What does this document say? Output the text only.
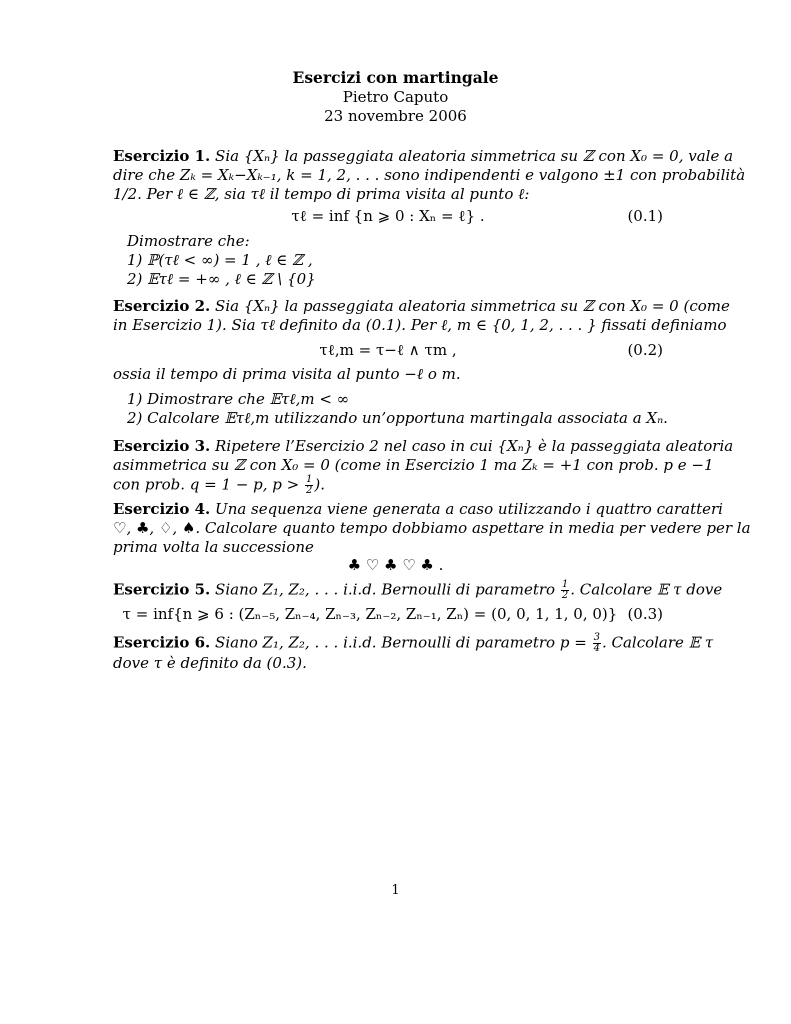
Esercizi con martingale
Pietro Caputo
23 novembre 2006
Esercizio 1.
Sia {Xₙ} la passeggiata aleatoria simmetrica su ℤ con X₀ = 0, vale a
dire che Zₖ = Xₖ−Xₖ₋₁, k = 1, 2, . . . sono indipendenti e valgono ±1 con probabilità
1/2. Per ℓ ∈ ℤ, sia τℓ il tempo di prima visita al punto ℓ:
τℓ = inf {n ⩾ 0 : Xₙ = ℓ} .	(0.1)
Dimostrare che:
1) ℙ(τℓ < ∞) = 1 , ℓ ∈ ℤ ,
2) 𝔼τℓ = +∞ , ℓ ∈ ℤ \ {0}
Esercizio 2.
Sia {Xₙ} la passeggiata aleatoria simmetrica su ℤ con X₀ = 0 (come
in Esercizio 1). Sia τℓ definito da (0.1). Per ℓ, m ∈ {0, 1, 2, . . . } fissati definiamo
τℓ,m = τ−ℓ ∧ τm ,	(0.2)
ossia il tempo di prima visita al punto −ℓ o m.
1) Dimostrare che 𝔼τℓ,m < ∞
2) Calcolare 𝔼τℓ,m utilizzando un’opportuna martingala associata a Xₙ.
Esercizio 3.
Ripetere l’Esercizio 2 nel caso in cui {Xₙ} è la passeggiata aleatoria
asimmetrica su ℤ con X₀ = 0 (come in Esercizio 1 ma Zₖ = +1 con prob. p e −1
con prob. q = 1 − p, $p > \frac{1}{2}$ ).
Esercizio 4.
Una sequenza viene generata a caso utilizzando i quattro caratteri
♡, ♣, ♢, ♠. Calcolare quanto tempo dobbiamo aspettare in media per vedere per la
prima volta la successione
♣ ♡ ♣ ♡ ♣ .
Esercizio 5. Siano Z₁, Z₂, . . . i.i.d. Bernoulli di parametro $\frac{1}{2}$ . Calcolare 𝔼 τ dove
τ = inf{n ⩾ 6 : (Zₙ₋₅, Zₙ₋₄, Zₙ₋₃, Zₙ₋₂, Zₙ₋₁, Zₙ) = (0, 0, 1, 1, 0, 0)} (0.3)
Esercizio 6. Siano Z₁, Z₂, . . . i.i.d. Bernoulli di parametro $p = \frac{3}{4}$ . Calcolare 𝔼 τ
dove τ è definito da (0.3).
1
